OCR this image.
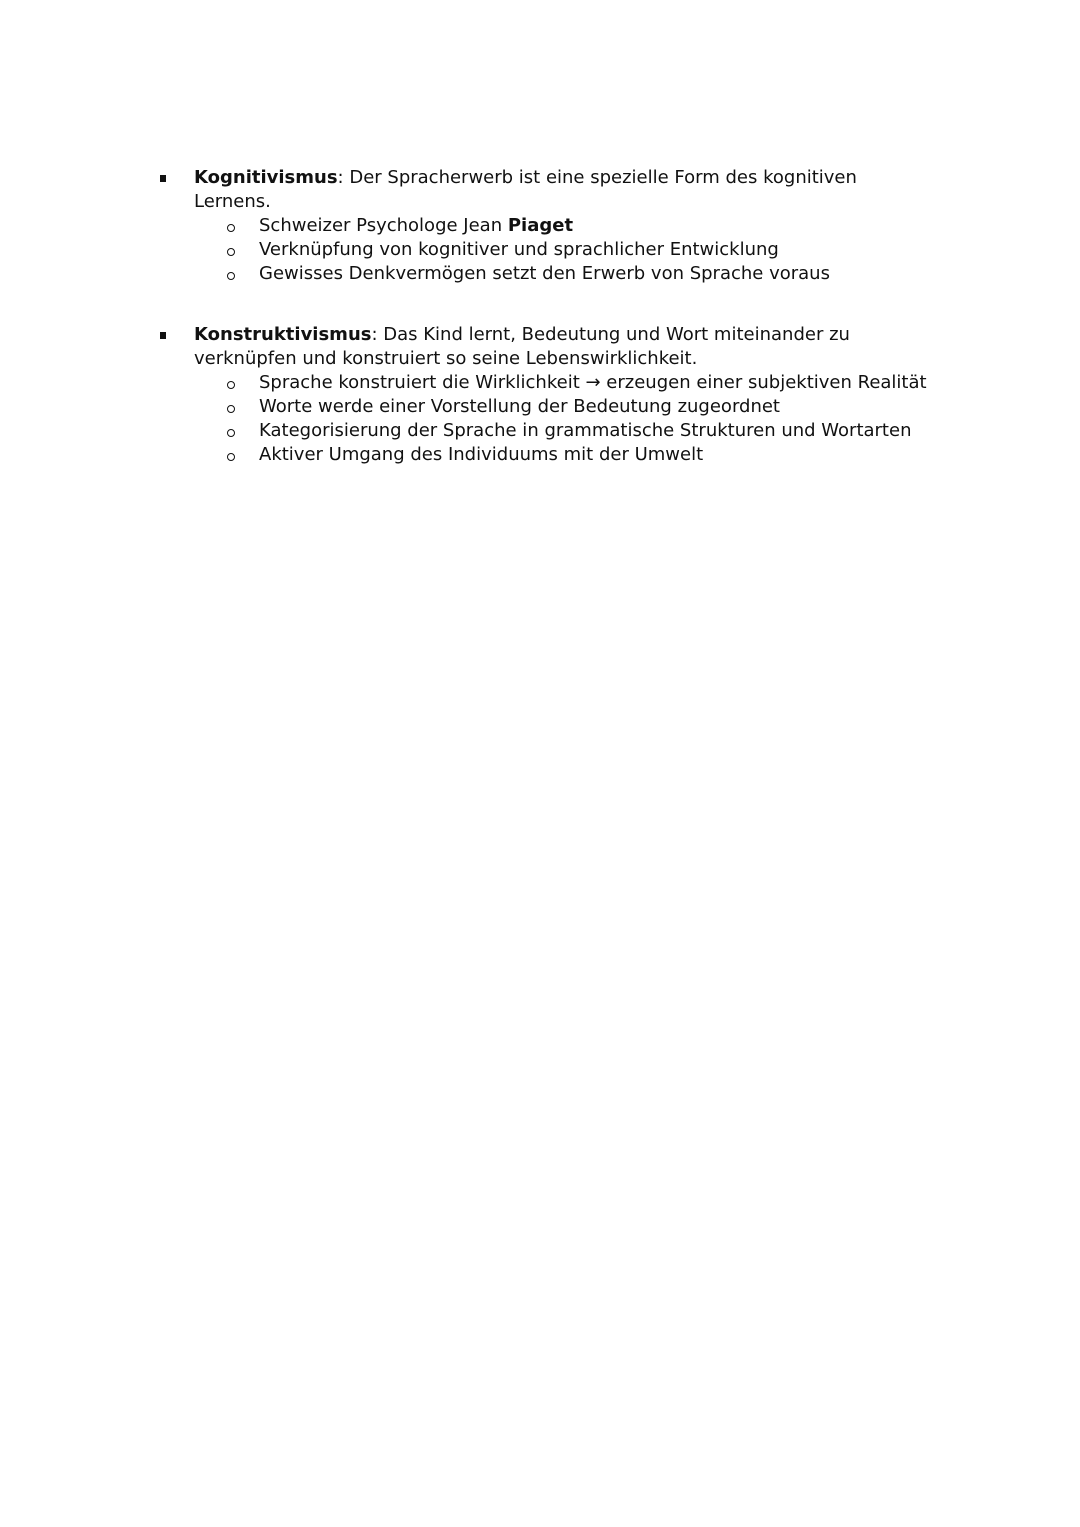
Kognitivismus: Der Spracherwerb ist eine spezielle Form des kognitiven Lernens.

Schweizer Psychologe Jean Piaget
Verknüpfung von kognitiver und sprachlicher Entwicklung
Gewisses Denkvermögen setzt den Erwerb von Sprache voraus

Konstruktivismus: Das Kind lernt, Bedeutung und Wort miteinander zu verknüpfen und konstruiert so seine Lebenswirklichkeit.

Sprache konstruiert die Wirklichkeit → erzeugen einer subjektiven Realität
Worte werde einer Vorstellung der Bedeutung zugeordnet
Kategorisierung der Sprache in grammatische Strukturen und Wortarten
Aktiver Umgang des Individuums mit der Umwelt
